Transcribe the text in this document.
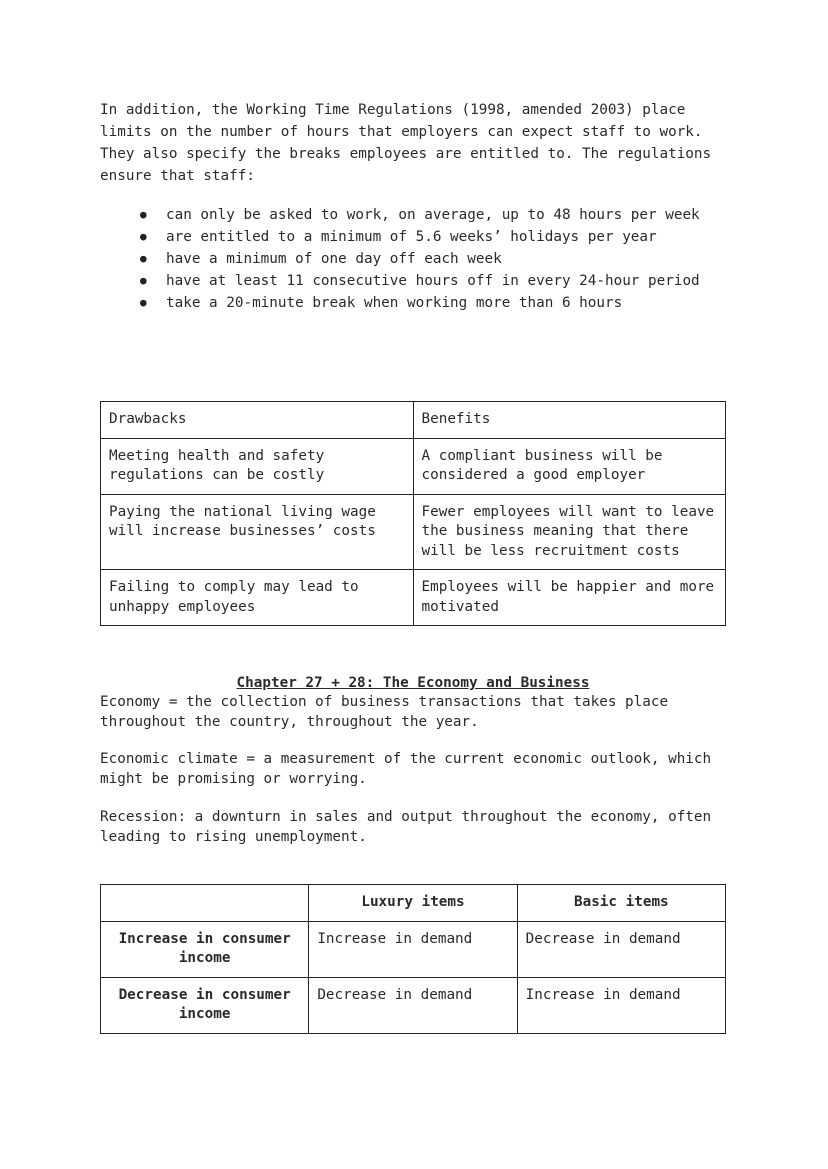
In addition, the Working Time Regulations (1998, amended 2003) place limits on the number of hours that employers can expect staff to work. They also specify the breaks employees are entitled to. The regulations ensure that staff:

● can only be asked to work, on average, up to 48 hours per week
● are entitled to a minimum of 5.6 weeks’ holidays per year
● have a minimum of one day off each week
● have at least 11 consecutive hours off in every 24-hour period
● take a 20-minute break when working more than 6 hours
Drawbacks	Benefits
Meeting health and safety regulations can be costly	A compliant business will be considered a good employer
Paying the national living wage will increase businesses’ costs	Fewer employees will want to leave the business meaning that there will be less recruitment costs
Failing to comply may lead to unhappy employees	Employees will be happier and more motivated
Chapter 27 + 28: The Economy and Business

Economy = the collection of business transactions that takes place throughout the country, throughout the year.

Economic climate = a measurement of the current economic outlook, which might be promising or worrying.

Recession: a downturn in sales and output throughout the economy, often leading to rising unemployment.

	Luxury items	Basic items
Increase in consumer income	Increase in demand	Decrease in demand
Decrease in consumer income	Decrease in demand	Increase in demand
